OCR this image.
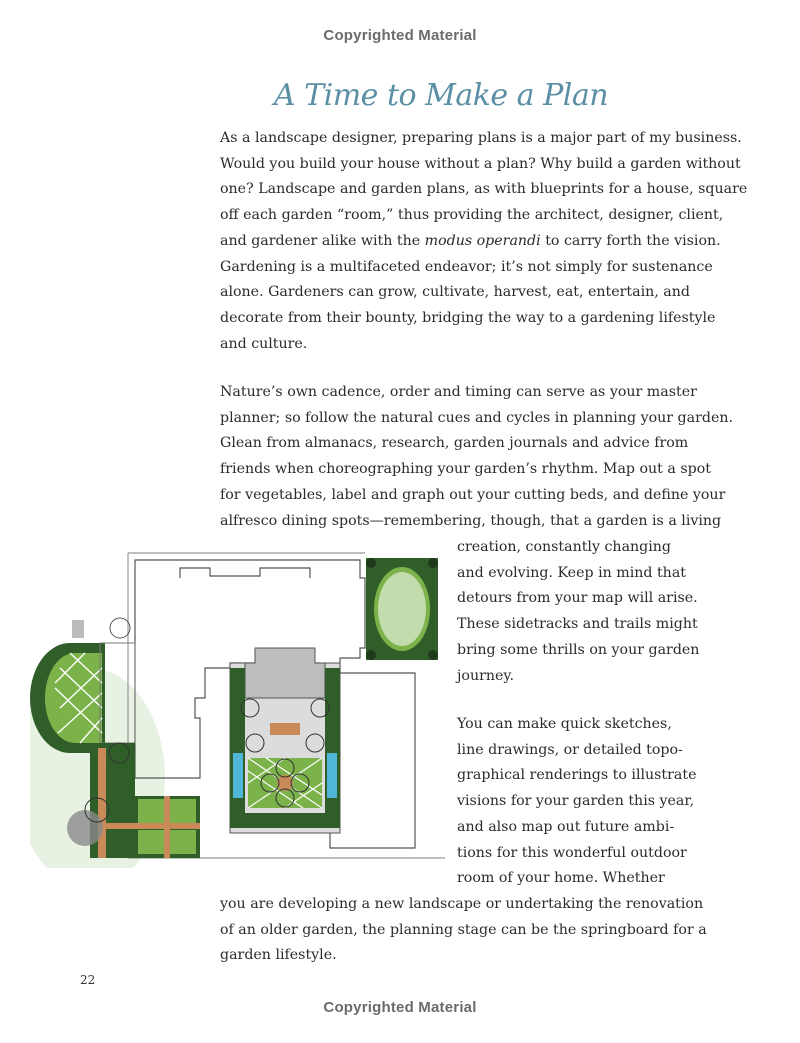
Copyrighted Material
A Time to Make a Plan
As a landscape designer, preparing plans is a major part of my business.
Would you build your house without a plan? Why build a garden without
one? Landscape and garden plans, as with blueprints for a house, square
off each garden “room,” thus providing the architect, designer, client,
and gardener alike with the modus operandi to carry forth the vision.
Gardening is a multifaceted endeavor; it’s not simply for sustenance
alone. Gardeners can grow, cultivate, harvest, eat, entertain, and
decorate from their bounty, bridging the way to a gardening lifestyle
and culture.
Nature’s own cadence, order and timing can serve as your master
planner; so follow the natural cues and cycles in planning your garden.
Glean from almanacs, research, garden journals and advice from
friends when choreographing your garden’s rhythm. Map out a spot
for vegetables, label and graph out your cutting beds, and define your
alfresco dining spots—remembering, though, that a garden is a living
creation, constantly changing
and evolving. Keep in mind that
detours from your map will arise.
These sidetracks and trails might
bring some thrills on your garden
journey.
You can make quick sketches,
line drawings, or detailed topo-
graphical renderings to illustrate
visions for your garden this year,
and also map out future ambi-
tions for this wonderful outdoor
room of your home. Whether
you are developing a new landscape or undertaking the renovation
of an older garden, the planning stage can be the springboard for a
garden lifestyle.
22
Copyrighted Material
